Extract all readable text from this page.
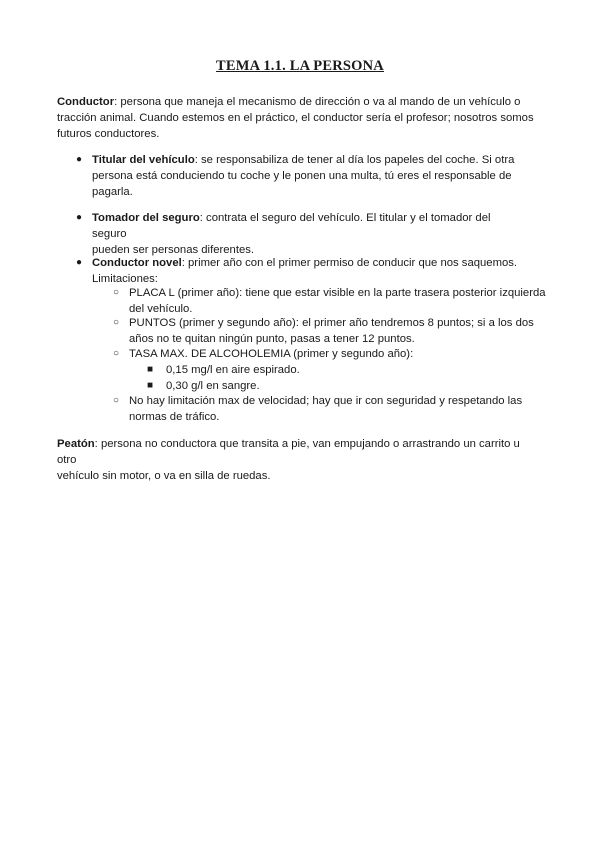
TEMA 1.1. LA PERSONA
Conductor: persona que maneja el mecanismo de dirección o va al mando de un vehículo o
tracción animal. Cuando estemos en el práctico, el conductor sería el profesor; nosotros somos
futuros conductores.
● Titular del vehículo: se responsabiliza de tener al día los papeles del coche. Si otra
persona está conduciendo tu coche y le ponen una multa, tú eres el responsable de
pagarla.
● Tomador del seguro: contrata el seguro del vehículo. El titular y el tomador del seguro
pueden ser personas diferentes.
● Conductor novel: primer año con el primer permiso de conducir que nos saquemos.
Limitaciones:
○ PLACA L (primer año): tiene que estar visible en la parte trasera posterior izquierda
del vehículo.
○ PUNTOS (primer y segundo año): el primer año tendremos 8 puntos; si a los dos
años no te quitan ningún punto, pasas a tener 12 puntos.
○ TASA MAX. DE ALCOHOLEMIA (primer y segundo año):
■ 0,15 mg/l en aire espirado.
■ 0,30 g/l en sangre.
○ No hay limitación max de velocidad; hay que ir con seguridad y respetando las
normas de tráfico.
Peatón: persona no conductora que transita a pie, van empujando o arrastrando un carrito u otro
vehículo sin motor, o va en silla de ruedas.
